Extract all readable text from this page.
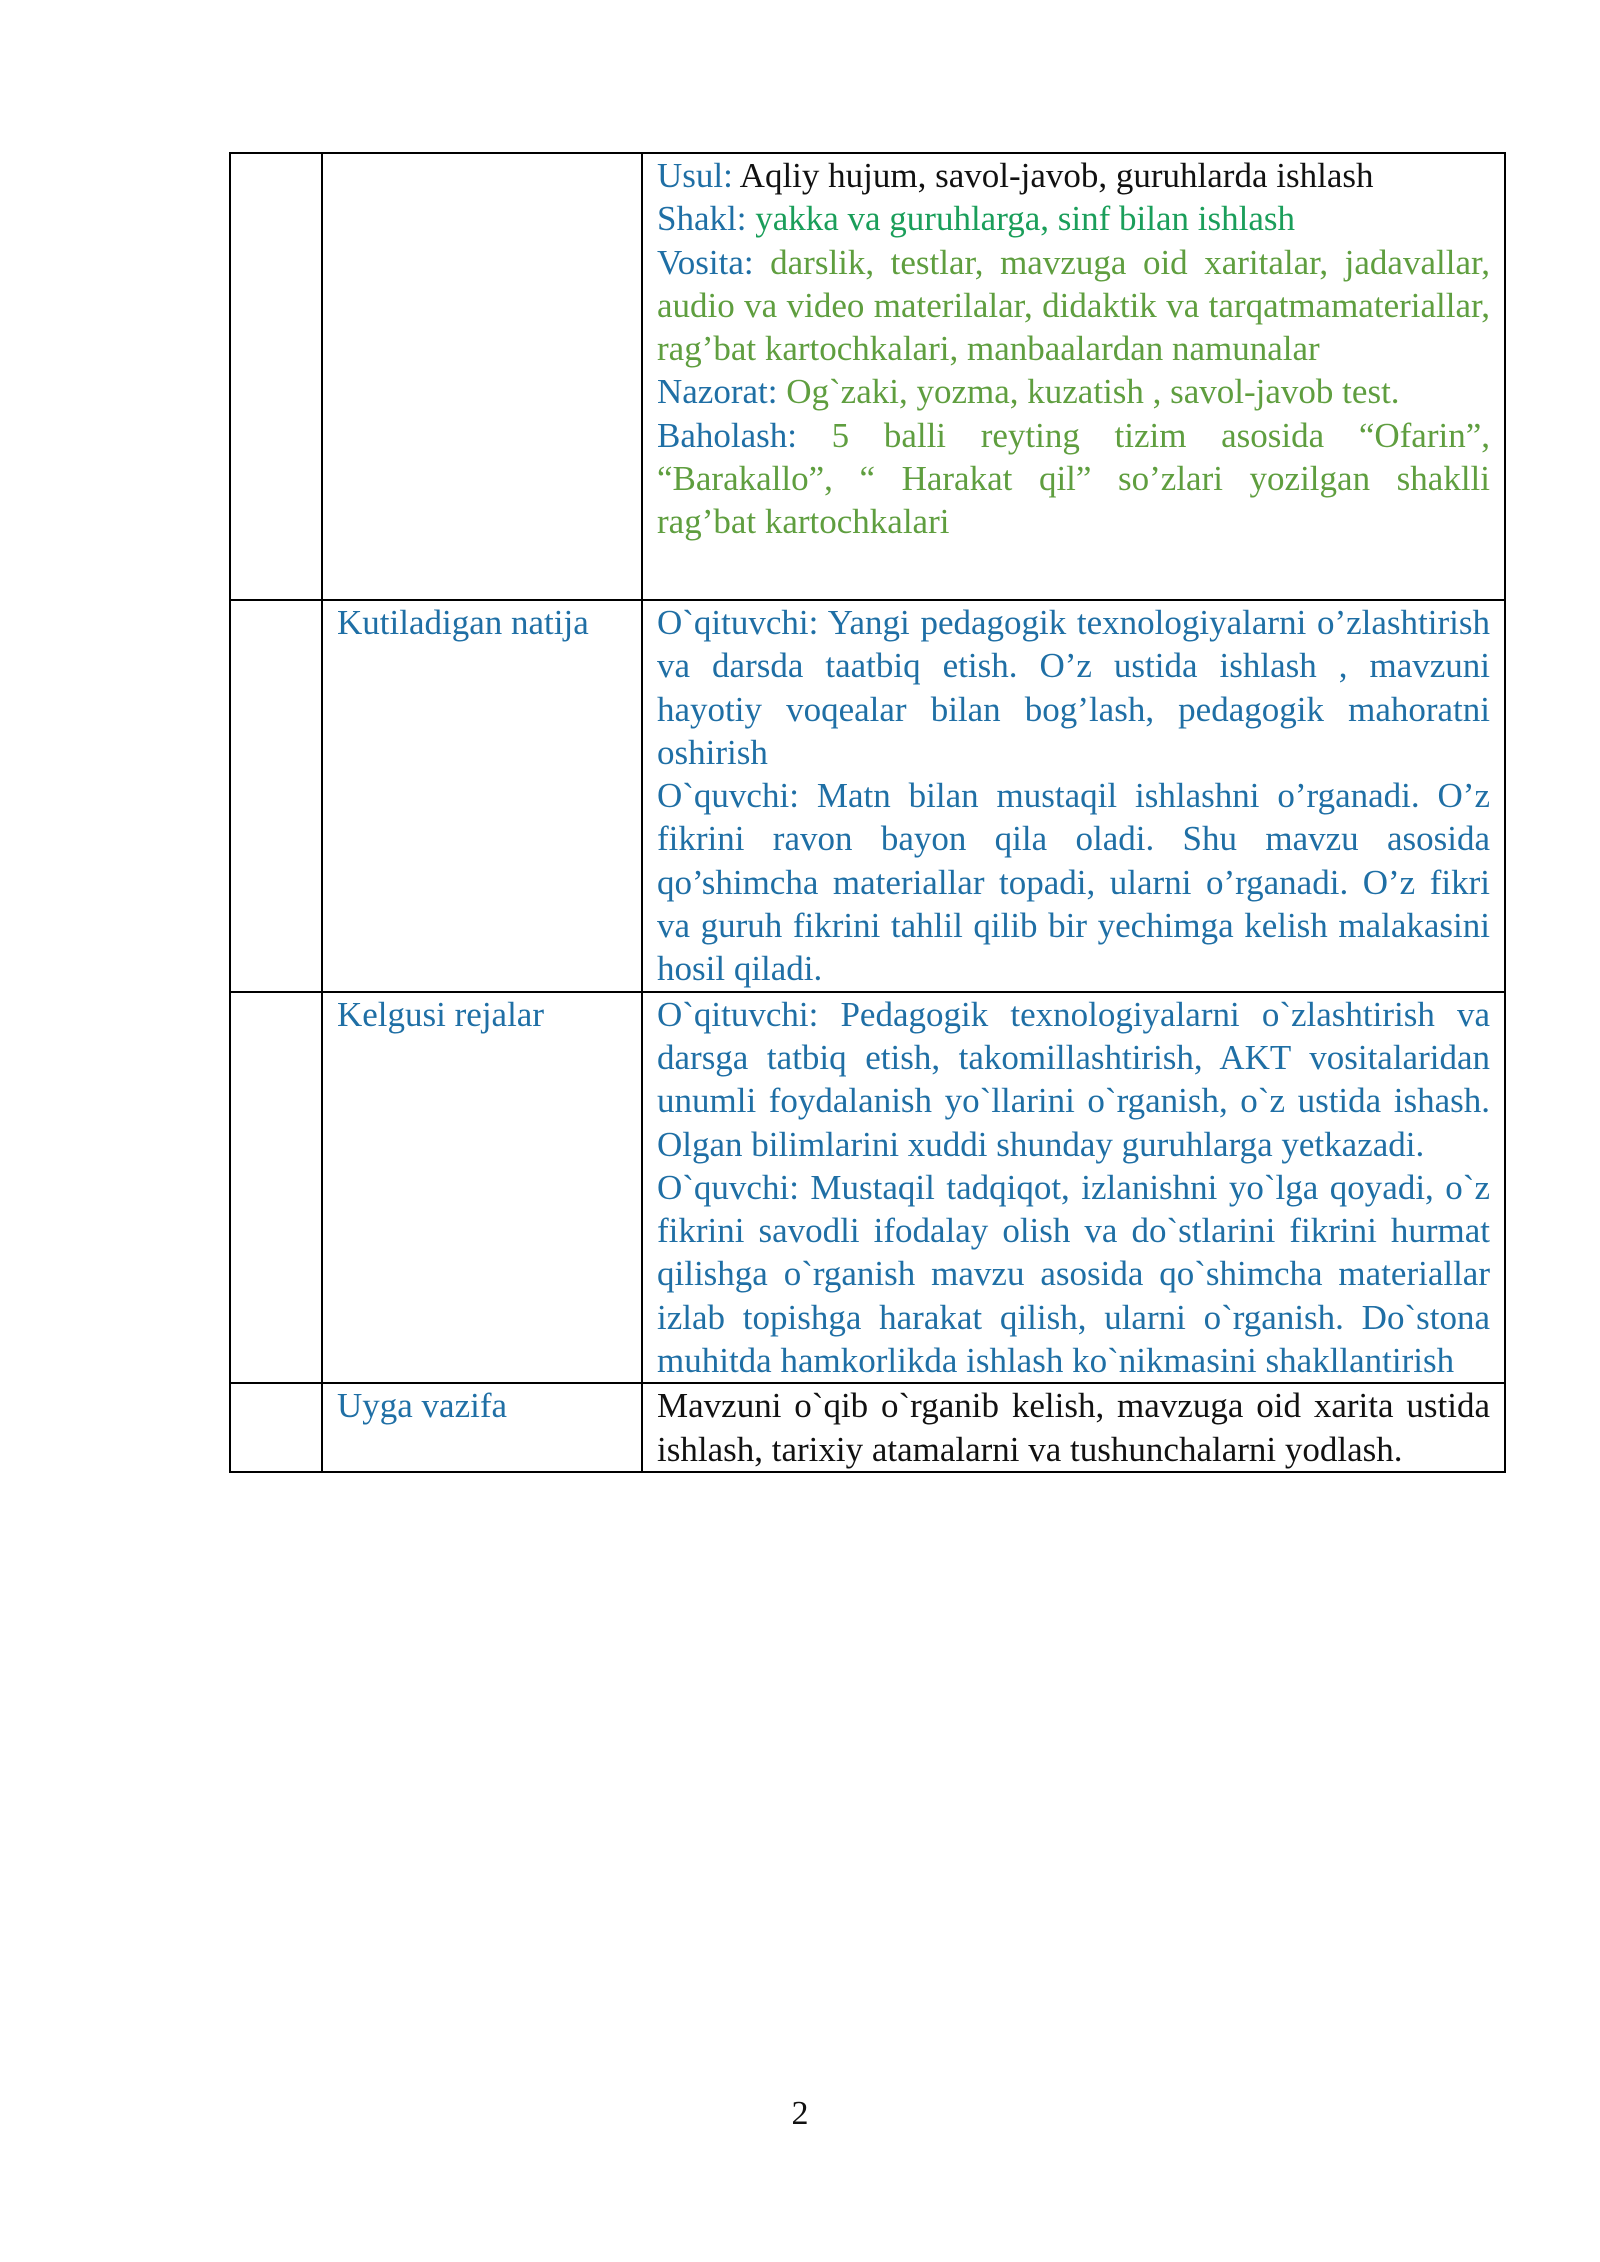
		Usul: Aqliy hujum, savol-javob, guruhlarda ishlash
Shakl: yakka va guruhlarga, sinf bilan ishlash
Vosita: darslik, testlar, mavzuga oid xaritalar, jadavallar, audio va video materilalar, didaktik va tarqatmamateriallar, rag’bat kartochkalari, manbaalardan namunalar
Nazorat: Og`zaki, yozma, kuzatish , savol-javob test.
Baholash: 5 balli reyting tizim asosida “Ofarin”, “Barakallo”, “ Harakat qil” so’zlari yozilgan shaklli rag’bat kartochkalari

	Kutiladigan natija	O`qituvchi: Yangi pedagogik texnologiyalarni o’zlashtirish va darsda taatbiq etish. O’z ustida ishlash , mavzuni hayotiy voqealar bilan bog’lash, pedagogik mahoratni oshirish
O`quvchi: Matn bilan mustaqil ishlashni o’rganadi. O’z fikrini ravon bayon qila oladi. Shu mavzu asosida qo’shimcha materiallar topadi, ularni o’rganadi. O’z fikri va guruh fikrini tahlil qilib bir yechimga kelish malakasini hosil qiladi.

	Kelgusi rejalar	O`qituvchi: Pedagogik texnologiyalarni o`zlashtirish va darsga tatbiq etish, takomillashtirish, AKT vositalaridan unumli foydalanish yo`llarini o`rganish, o`z ustida ishash. Olgan bilimlarini xuddi shunday guruhlarga yetkazadi.
O`quvchi: Mustaqil tadqiqot, izlanishni yo`lga qoyadi, o`z fikrini savodli ifodalay olish va do`stlarini fikrini hurmat qilishga o`rganish mavzu asosida qo`shimcha materiallar izlab topishga harakat qilish, ularni o`rganish. Do`stona muhitda hamkorlikda ishlash ko`nikmasini shakllantirish

	Uyga vazifa	Mavzuni o`qib o`rganib kelish, mavzuga oid xarita ustida ishlash, tarixiy atamalarni va tushunchalarni yodlash.
2
